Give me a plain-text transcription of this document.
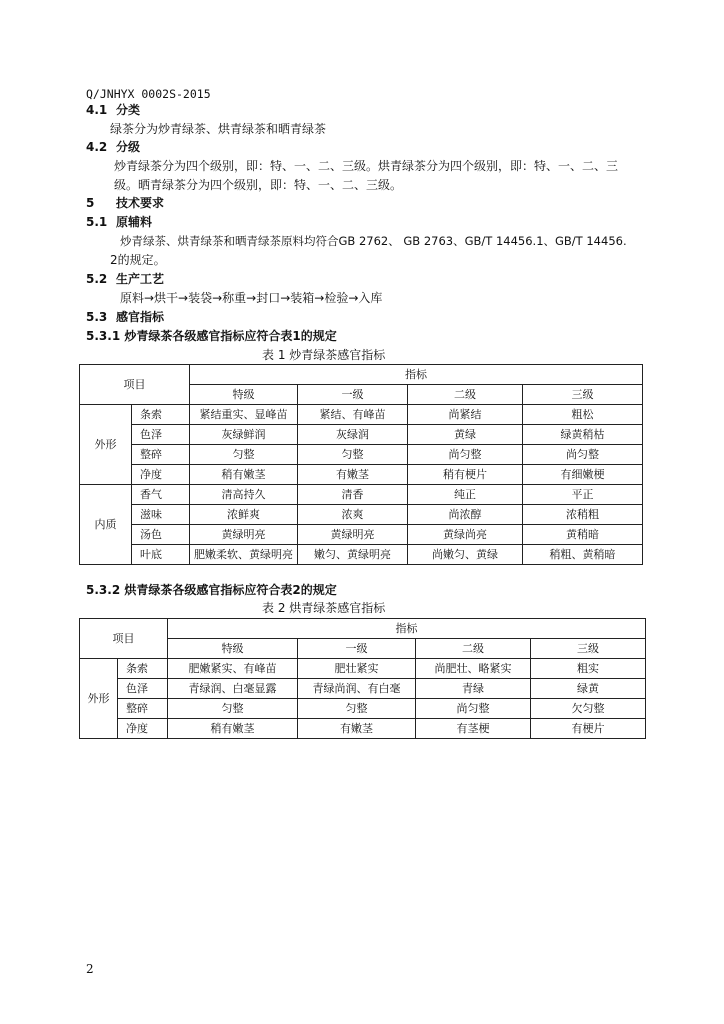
Q/JNHYX 0002S-2015
4.1 分类
绿茶分为炒青绿茶、烘青绿茶和晒青绿茶
4.2 分级
炒青绿茶分为四个级别，即：特、一、二、三级。烘青绿茶分为四个级别，即：特、一、二、三
级。晒青绿茶分为四个级别，即：特、一、二、三级。
5 技术要求
5.1 原辅料
炒青绿茶、烘青绿茶和晒青绿茶原料均符合GB 2762、 GB 2763、GB/T 14456.1、GB/T 14456.
2的规定。
5.2 生产工艺
原料→烘干→装袋→称重→封口→装箱→检验→入库
5.3 感官指标
5.3.1 炒青绿茶各级感官指标应符合表1的规定
表 1 炒青绿茶感官指标
项目		指标			
		特级	一级	二级	三级
外形	条索	紧结重实、显峰苗	紧结、有峰苗	尚紧结	粗松
	色泽	灰绿鲜润	灰绿润	黄绿	绿黄稍枯
	整碎	匀整	匀整	尚匀整	尚匀整
	净度	稍有嫩茎	有嫩茎	稍有梗片	有细嫩梗
内质	香气	清高持久	清香	纯正	平正
	滋味	浓鲜爽	浓爽	尚浓醇	浓稍粗
	汤色	黄绿明亮	黄绿明亮	黄绿尚亮	黄稍暗
	叶底	肥嫩柔软、黄绿明亮	嫩匀、黄绿明亮	尚嫩匀、黄绿	稍粗、黄稍暗
5.3.2 烘青绿茶各级感官指标应符合表2的规定
表 2 烘青绿茶感官指标
项目		指标			
		特级	一级	二级	三级
外形	条索	肥嫩紧实、有峰苗	肥壮紧实	尚肥壮、略紧实	粗实
	色泽	青绿润、白毫显露	青绿尚润、有白毫	青绿	绿黄
	整碎	匀整	匀整	尚匀整	欠匀整
	净度	稍有嫩茎	有嫩茎	有茎梗	有梗片
2
